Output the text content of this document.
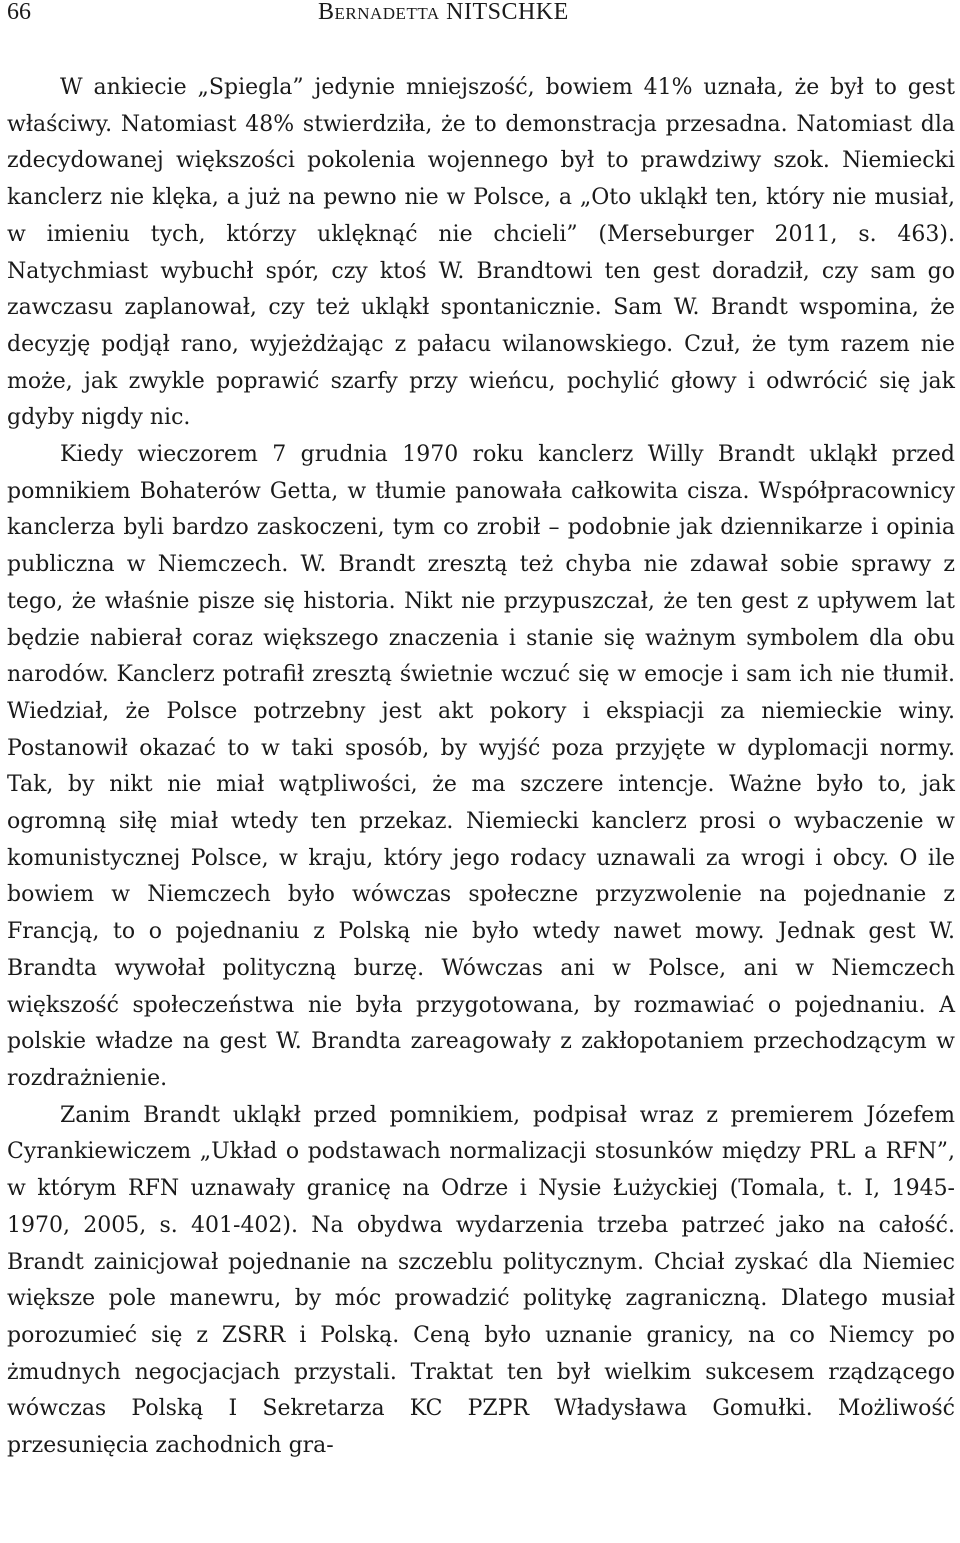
66	Bernadetta NITSCHKE

W ankiecie „Spiegla” jedynie mniejszość, bowiem 41% uznała, że był to gest właściwy. Natomiast 48% stwierdziła, że to demonstracja przesadna. Natomiast dla zdecydowanej większości pokolenia wojennego był to prawdziwy szok. Niemiecki kanclerz nie klęka, a już na pewno nie w Polsce, a „Oto ukląkł ten, który nie musiał, w imieniu tych, którzy uklęknąć nie chcieli” (Merseburger 2011, s. 463). Natychmiast wybuchł spór, czy ktoś W. Brandtowi ten gest doradził, czy sam go zawczasu zaplanował, czy też ukląkł spontanicznie. Sam W. Brandt wspomina, że decyzję podjął rano, wyjeżdżając z pałacu wilanowskiego. Czuł, że tym razem nie może, jak zwykle poprawić szarfy przy wieńcu, pochylić głowy i odwrócić się jak gdyby nigdy nic.

Kiedy wieczorem 7 grudnia 1970 roku kanclerz Willy Brandt ukląkł przed pomnikiem Bohaterów Getta, w tłumie panowała całkowita cisza. Współpracownicy kanclerza byli bardzo zaskoczeni, tym co zrobił – podobnie jak dziennikarze i opinia publiczna w Niemczech. W. Brandt zresztą też chyba nie zdawał sobie sprawy z tego, że właśnie pisze się historia. Nikt nie przypuszczał, że ten gest z upływem lat będzie nabierał coraz większego znaczenia i stanie się ważnym symbolem dla obu narodów. Kanclerz potrafił zresztą świetnie wczuć się w emocje i sam ich nie tłumił. Wiedział, że Polsce potrzebny jest akt pokory i ekspiacji za niemieckie winy. Postanowił okazać to w taki sposób, by wyjść poza przyjęte w dyplomacji normy. Tak, by nikt nie miał wątpliwości, że ma szczere intencje. Ważne było to, jak ogromną siłę miał wtedy ten przekaz. Niemiecki kanclerz prosi o wybaczenie w komunistycznej Polsce, w kraju, który jego rodacy uznawali za wrogi i obcy. O ile bowiem w Niemczech było wówczas społeczne przyzwolenie na pojednanie z Francją, to o pojednaniu z Polską nie było wtedy nawet mowy. Jednak gest W. Brandta wywołał polityczną burzę. Wówczas ani w Polsce, ani w Niemczech większość społeczeństwa nie była przygotowana, by rozmawiać o pojednaniu. A polskie władze na gest W. Brandta zareagowały z zakłopotaniem przechodzącym w rozdrażnienie.

Zanim Brandt ukląkł przed pomnikiem, podpisał wraz z premierem Józefem Cyrankiewiczem „Układ o podstawach normalizacji stosunków między PRL a RFN”, w którym RFN uznawały granicę na Odrze i Nysie Łużyckiej (Tomala, t. I, 1945-1970, 2005, s. 401-402). Na obydwa wydarzenia trzeba patrzeć jako na całość. Brandt zainicjował pojednanie na szczeblu politycznym. Chciał zyskać dla Niemiec większe pole manewru, by móc prowadzić politykę zagraniczną. Dlatego musiał porozumieć się z ZSRR i Polską. Ceną było uznanie granicy, na co Niemcy po żmudnych negocjacjach przystali. Traktat ten był wielkim sukcesem rządzącego wówczas Polską I Sekretarza KC PZPR Władysława Gomułki. Możliwość przesunięcia zachodnich gra-
